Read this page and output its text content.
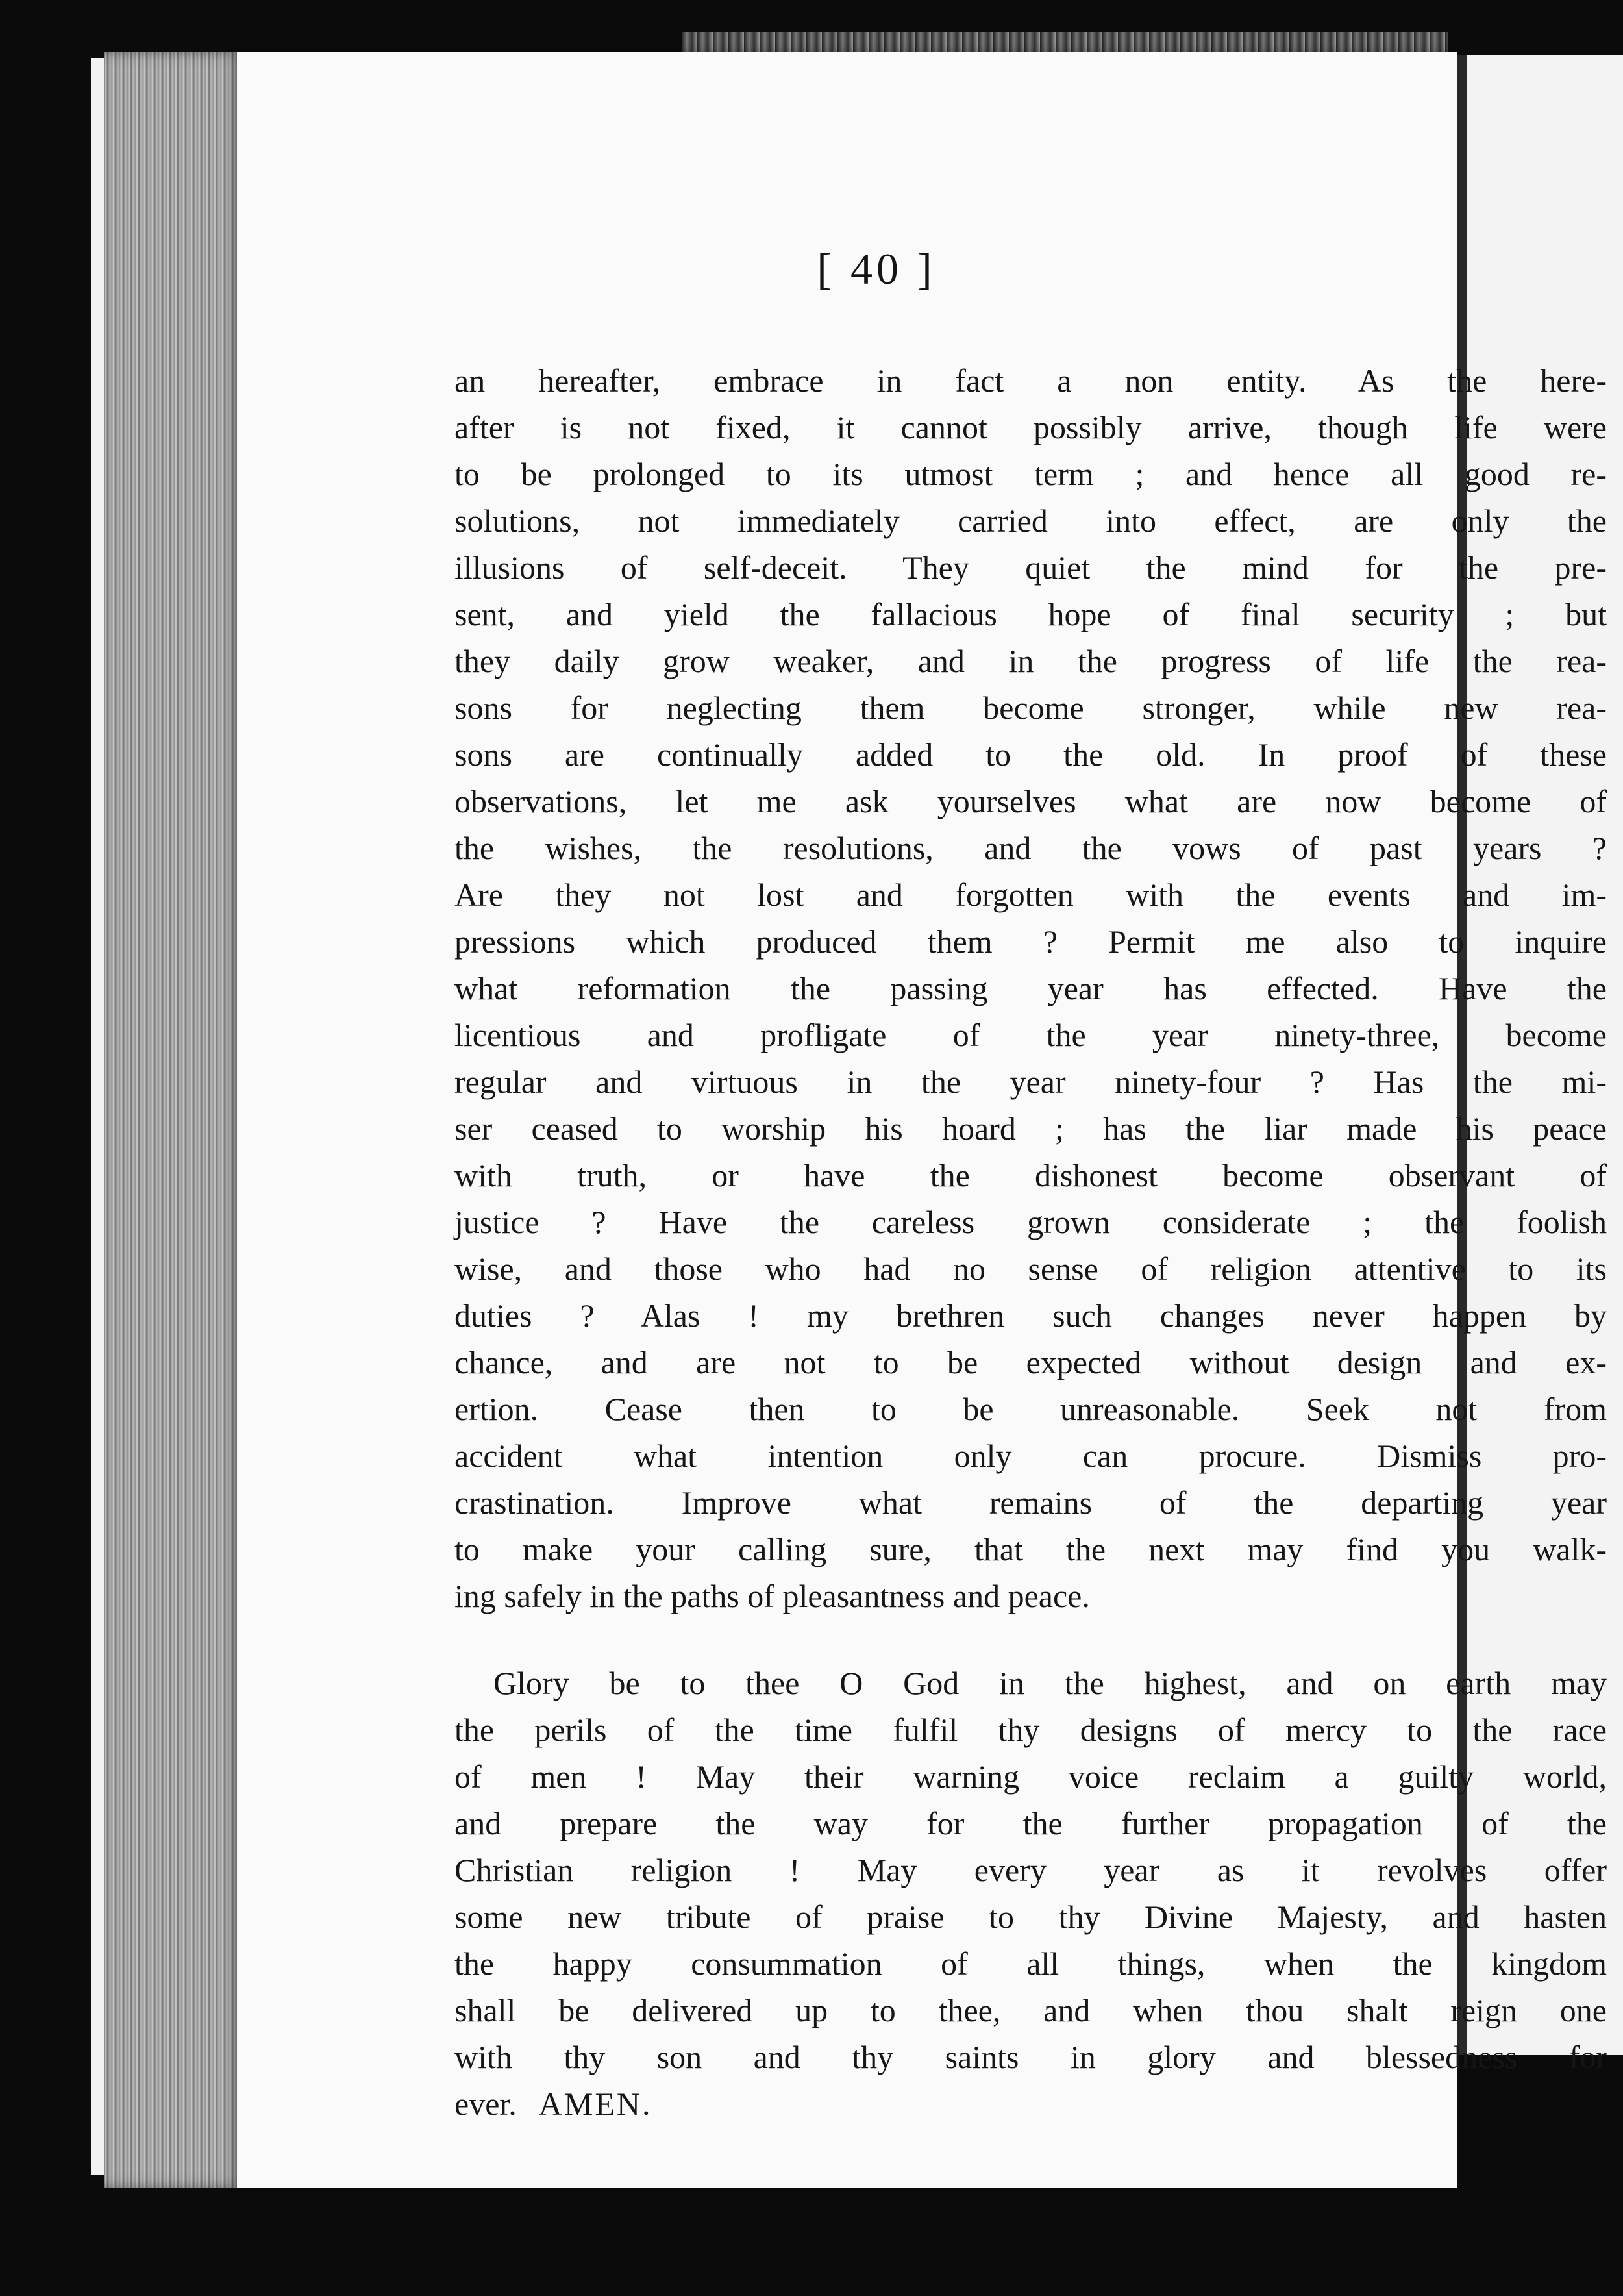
[ 40 ]
an hereafter, embrace in fact a non entity. As the here-
after is not fixed, it cannot possibly arrive, though life were
to be prolonged to its utmost term ; and hence all good re-
solutions, not immediately carried into effect, are only the
illusions of self-deceit. They quiet the mind for the pre-
sent, and yield the fallacious hope of final security ; but
they daily grow weaker, and in the progress of life the rea-
sons for neglecting them become stronger, while new rea-
sons are continually added to the old. In proof of these
observations, let me ask yourselves what are now become of
the wishes, the resolutions, and the vows of past years ?
Are they not lost and forgotten with the events and im-
pressions which produced them ? Permit me also to inquire
what reformation the passing year has effected. Have the
licentious and profligate of the year ninety-three, become
regular and virtuous in the year ninety-four ? Has the mi-
ser ceased to worship his hoard ; has the liar made his peace
with truth, or have the dishonest become observant of
justice ? Have the careless grown considerate ; the foolish
wise, and those who had no sense of religion attentive to its
duties ? Alas ! my brethren such changes never happen by
chance, and are not to be expected without design and ex-
ertion. Cease then to be unreasonable. Seek not from
accident what intention only can procure. Dismiss pro-
crastination. Improve what remains of the departing year
to make your calling sure, that the next may find you walk-
ing safely in the paths of pleasantness and peace.
Glory be to thee O God in the highest, and on earth may
the perils of the time fulfil thy designs of mercy to the race
of men ! May their warning voice reclaim a guilty world,
and prepare the way for the further propagation of the
Christian religion ! May every year as it revolves offer
some new tribute of praise to thy Divine Majesty, and hasten
the happy consummation of all things, when the kingdom
shall be delivered up to thee, and when thou shalt reign one
with thy son and thy saints in glory and blessedness for
ever. AMEN.
